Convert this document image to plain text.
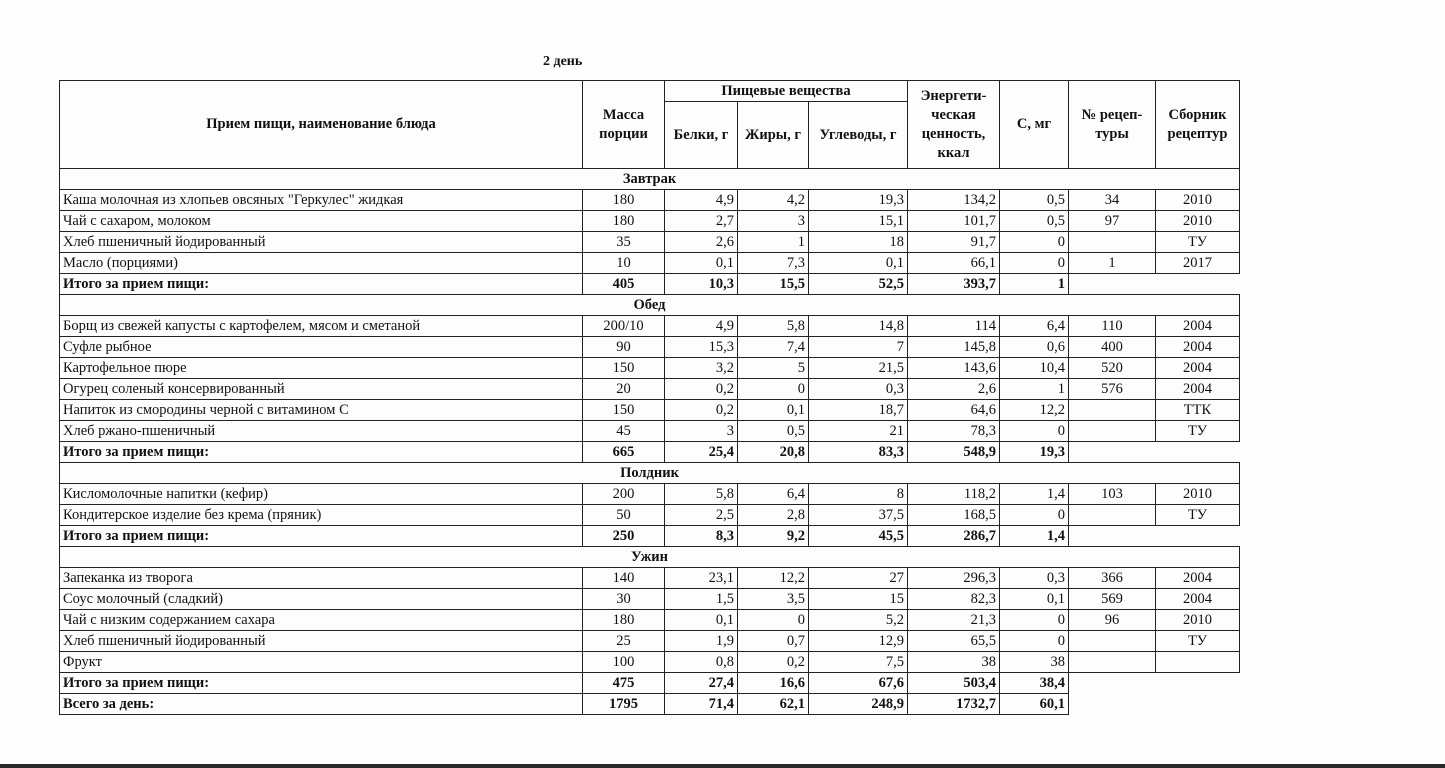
2 день
Прием пищи, наименование блюда	Масса порции	Пищевые вещества			Энергети-ческая ценность, ккал	С, мг	№ рецеп-туры	Сборник рецептур
		Белки, г	Жиры, г	Углеводы, г				
Завтрак								
Каша молочная из хлопьев овсяных "Геркулес" жидкая	180	4,9	4,2	19,3	134,2	0,5	34	2010
Чай с сахаром, молоком	180	2,7	3	15,1	101,7	0,5	97	2010
Хлеб пшеничный йодированный	35	2,6	1	18	91,7	0		ТУ
Масло (порциями)	10	0,1	7,3	0,1	66,1	0	1	2017
Итого за прием пищи:	405	10,3	15,5	52,5	393,7	1		
Обед								
Борщ из свежей капусты с картофелем, мясом и сметаной	200/10	4,9	5,8	14,8	114	6,4	110	2004
Суфле рыбное	90	15,3	7,4	7	145,8	0,6	400	2004
Картофельное пюре	150	3,2	5	21,5	143,6	10,4	520	2004
Огурец соленый консервированный	20	0,2	0	0,3	2,6	1	576	2004
Напиток из смородины черной с витамином С	150	0,2	0,1	18,7	64,6	12,2		ТТК
Хлеб ржано-пшеничный	45	3	0,5	21	78,3	0		ТУ
Итого за прием пищи:	665	25,4	20,8	83,3	548,9	19,3		
Полдник								
Кисломолочные напитки (кефир)	200	5,8	6,4	8	118,2	1,4	103	2010
Кондитерское изделие без крема (пряник)	50	2,5	2,8	37,5	168,5	0		ТУ
Итого за прием пищи:	250	8,3	9,2	45,5	286,7	1,4		
Ужин								
Запеканка из творога	140	23,1	12,2	27	296,3	0,3	366	2004
Соус молочный (сладкий)	30	1,5	3,5	15	82,3	0,1	569	2004
Чай с низким содержанием сахара	180	0,1	0	5,2	21,3	0	96	2010
Хлеб пшеничный йодированный	25	1,9	0,7	12,9	65,5	0		ТУ
Фрукт	100	0,8	0,2	7,5	38	38		
Итого за прием пищи:	475	27,4	16,6	67,6	503,4	38,4		
Всего за день:	1795	71,4	62,1	248,9	1732,7	60,1		
